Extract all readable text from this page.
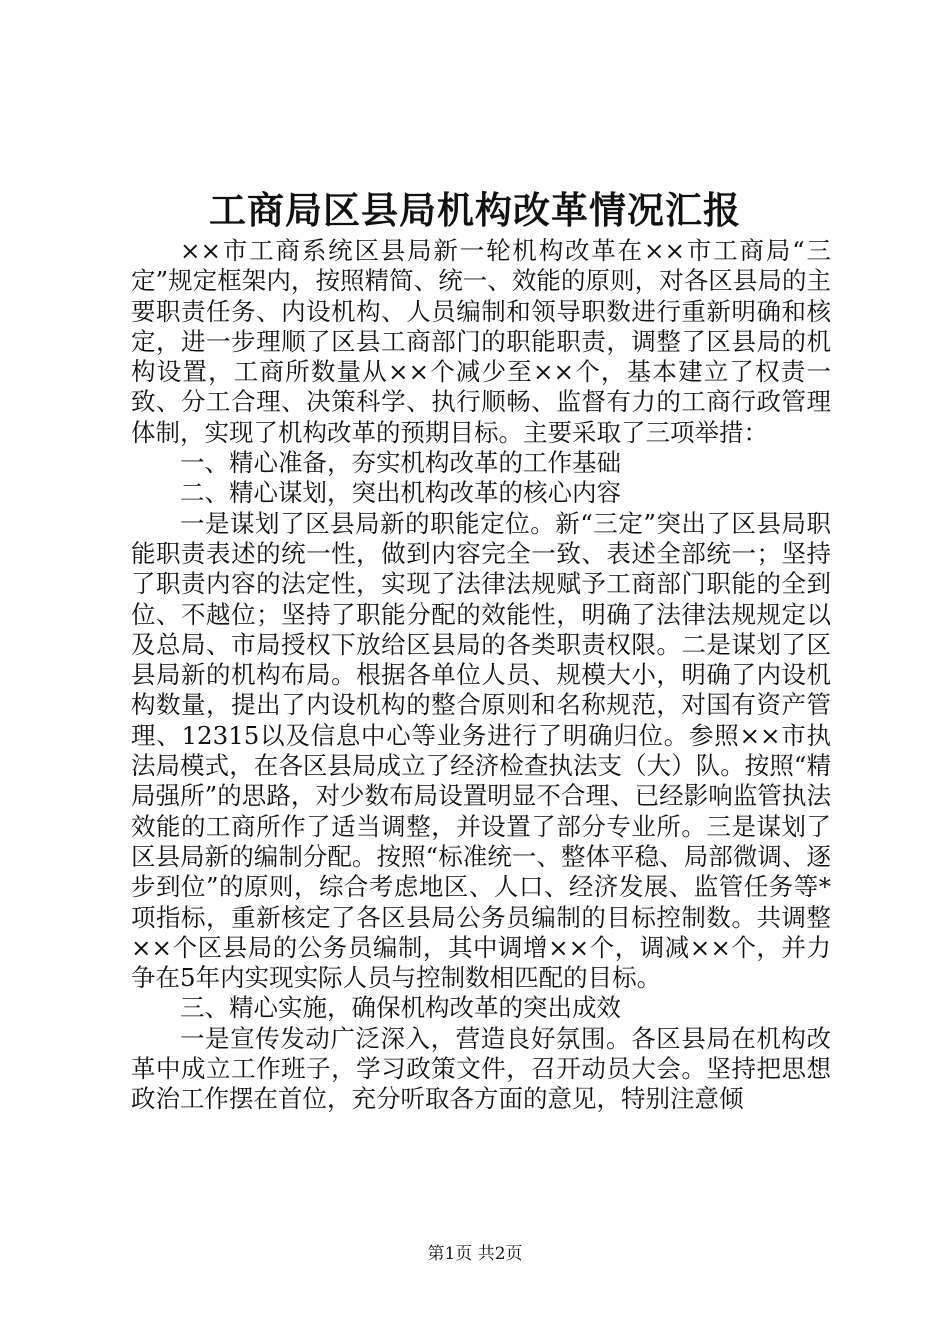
工商局区县局机构改革情况汇报

××市工商系统区县局新一轮机构改革在××市工商局“三定”规定框架内，按照精简、统一、效能的原则，对各区县局的主要职责任务、内设机构、人员编制和领导职数进行重新明确和核定，进一步理顺了区县工商部门的职能职责，调整了区县局的机构设置，工商所数量从××个减少至××个，基本建立了权责一致、分工合理、决策科学、执行顺畅、监督有力的工商行政管理体制，实现了机构改革的预期目标。主要采取了三项举措：

一、精心准备，夯实机构改革的工作基础

二、精心谋划，突出机构改革的核心内容

一是谋划了区县局新的职能定位。新“三定”突出了区县局职能职责表述的统一性，做到内容完全一致、表述全部统一；坚持了职责内容的法定性，实现了法律法规赋予工商部门职能的全到位、不越位；坚持了职能分配的效能性，明确了法律法规规定以及总局、市局授权下放给区县局的各类职责权限。二是谋划了区县局新的机构布局。根据各单位人员、规模大小，明确了内设机构数量，提出了内设机构的整合原则和名称规范，对国有资产管理、12315以及信息中心等业务进行了明确归位。参照××市执法局模式，在各区县局成立了经济检查执法支（大）队。按照“精局强所”的思路，对少数布局设置明显不合理、已经影响监管执法效能的工商所作了适当调整，并设置了部分专业所。三是谋划了区县局新的编制分配。按照“标准统一、整体平稳、局部微调、逐步到位”的原则，综合考虑地区、人口、经济发展、监管任务等*项指标，重新核定了各区县局公务员编制的目标控制数。共调整××个区县局的公务员编制，其中调增××个，调减××个，并力争在5年内实现实际人员与控制数相匹配的目标。

三、精心实施，确保机构改革的突出成效

一是宣传发动广泛深入，营造良好氛围。各区县局在机构改革中成立工作班子，学习政策文件，召开动员大会。坚持把思想政治工作摆在首位，充分听取各方面的意见，特别注意倾

第1页 共2页
